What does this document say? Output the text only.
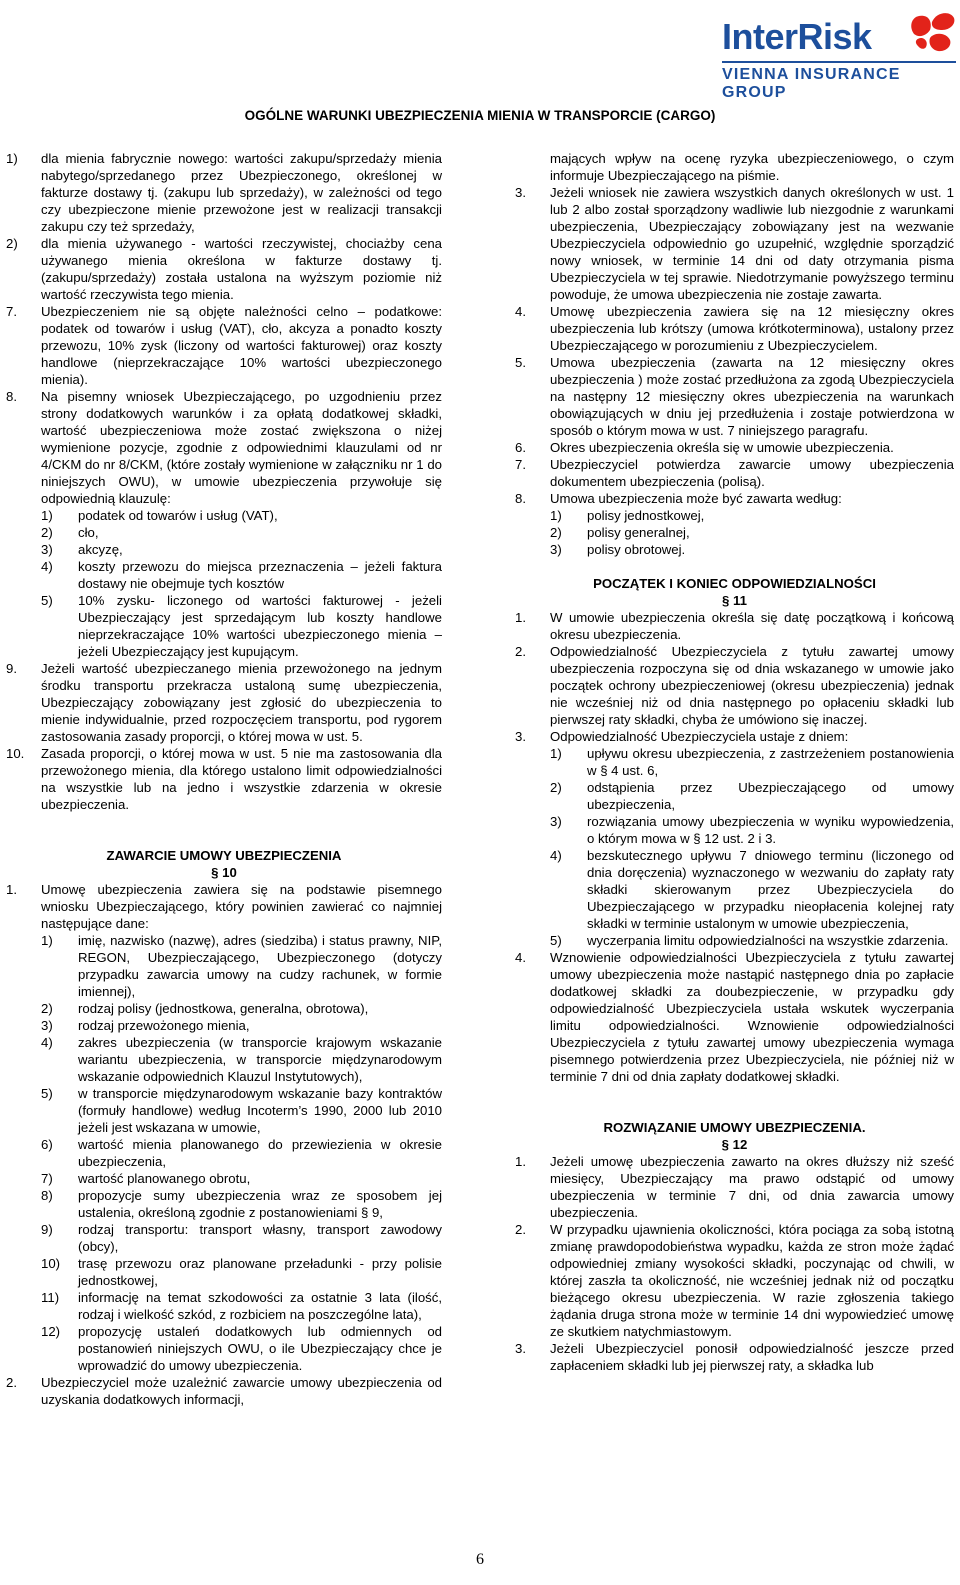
InterRisk
VIENNA INSURANCE GROUP
OGÓLNE WARUNKI UBEZPIECZENIA MIENIA W TRANSPORCIE (CARGO)
1) dla mienia fabrycznie nowego: wartości zakupu/sprzedaży mienia nabytego/sprzedanego przez Ubezpieczonego, określonej w fakturze dostawy tj. (zakupu lub sprzedaży), w zależności od tego czy ubezpieczone mienie przewożone jest w realizacji transakcji zakupu czy też sprzedaży,
2) dla mienia używanego - wartości rzeczywistej, chociażby cena używanego mienia określona w fakturze dostawy tj. (zakupu/sprzedaży) została ustalona na wyższym poziomie niż wartość rzeczywista tego mienia.
7. Ubezpieczeniem nie są objęte należności celno – podatkowe: podatek od towarów i usług (VAT), cło, akcyza a ponadto koszty przewozu, 10% zysk (liczony od wartości fakturowej) oraz koszty handlowe (nieprzekraczające 10% wartości ubezpieczonego mienia).
8. Na pisemny wniosek Ubezpieczającego, po uzgodnieniu przez strony dodatkowych warunków i za opłatą dodatkowej składki, wartość ubezpieczeniowa może zostać zwiększona o niżej wymienione pozycje, zgodnie z odpowiednimi klauzulami od nr 4/CKM do nr 8/CKM, (które zostały wymienione w załączniku nr 1 do niniejszych OWU), w umowie ubezpieczenia przywołuje się odpowiednią klauzulę:
1) podatek od towarów i usług (VAT),
2) cło,
3) akcyzę,
4) koszty przewozu do miejsca przeznaczenia – jeżeli faktura dostawy nie obejmuje tych kosztów
5) 10% zysku- liczonego od wartości fakturowej - jeżeli Ubezpieczający jest sprzedającym lub koszty handlowe nieprzekraczające 10% wartości ubezpieczonego mienia – jeżeli Ubezpieczający jest kupującym.
9. Jeżeli wartość ubezpieczanego mienia przewożonego na jednym środku transportu przekracza ustaloną sumę ubezpieczenia, Ubezpieczający zobowiązany jest zgłosić do ubezpieczenia to mienie indywidualnie, przed rozpoczęciem transportu, pod rygorem zastosowania zasady proporcji, o której mowa w ust. 5.
10. Zasada proporcji, o której mowa w ust. 5 nie ma zastosowania dla przewożonego mienia, dla którego ustalono limit odpowiedzialności na wszystkie lub na jedno i wszystkie zdarzenia w okresie ubezpieczenia.

ZAWARCIE UMOWY UBEZPIECZENIA

§ 10

1. Umowę ubezpieczenia zawiera się na podstawie pisemnego wniosku Ubezpieczającego, który powinien zawierać co najmniej następujące dane:
1) imię, nazwisko (nazwę), adres (siedziba) i status prawny, NIP, REGON, Ubezpieczającego, Ubezpieczonego (dotyczy przypadku zawarcia umowy na cudzy rachunek, w formie imiennej),
2) rodzaj polisy (jednostkowa, generalna, obrotowa),
3) rodzaj przewożonego mienia,
4) zakres ubezpieczenia (w transporcie krajowym wskazanie wariantu ubezpieczenia, w transporcie międzynarodowym wskazanie odpowiednich Klauzul Instytutowych),
5) w transporcie międzynarodowym wskazanie bazy kontraktów (formuły handlowe) według Incoterm’s 1990, 2000 lub 2010 jeżeli jest wskazana w umowie,
6) wartość mienia planowanego do przewiezienia w okresie ubezpieczenia,
7) wartość planowanego obrotu,
8) propozycje sumy ubezpieczenia wraz ze sposobem jej ustalenia, określoną zgodnie z postanowieniami § 9,
9) rodzaj transportu: transport własny, transport zawodowy (obcy),
10) trasę przewozu oraz planowane przeładunki - przy polisie jednostkowej,
11) informację na temat szkodowości za ostatnie 3 lata (ilość, rodzaj i wielkość szkód, z rozbiciem na poszczególne lata),
12) propozycję ustaleń dodatkowych lub odmiennych od postanowień niniejszych OWU, o ile Ubezpieczający chce je wprowadzić do umowy ubezpieczenia.
2. Ubezpieczyciel może uzależnić zawarcie umowy ubezpieczenia od uzyskania dodatkowych informacji,
mających wpływ na ocenę ryzyka ubezpieczeniowego, o czym informuje Ubezpieczającego na piśmie.
3. Jeżeli wniosek nie zawiera wszystkich danych określonych w ust. 1 lub 2 albo został sporządzony wadliwie lub niezgodnie z warunkami ubezpieczenia, Ubezpieczający zobowiązany jest na wezwanie Ubezpieczyciela odpowiednio go uzupełnić, względnie sporządzić nowy wniosek, w terminie 14 dni od daty otrzymania pisma Ubezpieczyciela w tej sprawie. Niedotrzymanie powyższego terminu powoduje, że umowa ubezpieczenia nie zostaje zawarta.
4. Umowę ubezpieczenia zawiera się na 12 miesięczny okres ubezpieczenia lub krótszy (umowa krótkoterminowa), ustalony przez Ubezpieczającego w porozumieniu z Ubezpieczycielem.
5. Umowa ubezpieczenia (zawarta na 12 miesięczny okres ubezpieczenia ) może zostać przedłużona za zgodą Ubezpieczyciela na następny 12 miesięczny okres ubezpieczenia na warunkach obowiązujących w dniu jej przedłużenia i zostaje potwierdzona w sposób o którym mowa w ust. 7 niniejszego paragrafu.
6. Okres ubezpieczenia określa się w umowie ubezpieczenia.
7. Ubezpieczyciel potwierdza zawarcie umowy ubezpieczenia dokumentem ubezpieczenia (polisą).
8. Umowa ubezpieczenia może być zawarta według:
1) polisy jednostkowej,
2) polisy generalnej,
3) polisy obrotowej.

POCZĄTEK I KONIEC ODPOWIEDZIALNOŚCI

§ 11

1. W umowie ubezpieczenia określa się datę początkową i końcową okresu ubezpieczenia.
2. Odpowiedzialność Ubezpieczyciela z tytułu zawartej umowy ubezpieczenia rozpoczyna się od dnia wskazanego w umowie jako początek ochrony ubezpieczeniowej (okresu ubezpieczenia) jednak nie wcześniej niż od dnia następnego po opłaceniu składki lub pierwszej raty składki, chyba że umówiono się inaczej.
3. Odpowiedzialność Ubezpieczyciela ustaje z dniem:
1) upływu okresu ubezpieczenia, z zastrzeżeniem postanowienia w § 4 ust. 6,
2) odstąpienia przez Ubezpieczającego od umowy ubezpieczenia,
3) rozwiązania umowy ubezpieczenia w wyniku wypowiedzenia, o którym mowa w § 12 ust. 2 i 3.
4) bezskutecznego upływu 7 dniowego terminu (liczonego od dnia doręczenia) wyznaczonego w wezwaniu do zapłaty raty składki skierowanym przez Ubezpieczyciela do Ubezpieczającego w przypadku nieopłacenia kolejnej raty składki w terminie ustalonym w umowie ubezpieczenia,
5) wyczerpania limitu odpowiedzialności na wszystkie zdarzenia.
4. Wznowienie odpowiedzialności Ubezpieczyciela z tytułu zawartej umowy ubezpieczenia może nastąpić następnego dnia po zapłacie dodatkowej składki za doubezpieczenie, w przypadku gdy odpowiedzialność Ubezpieczyciela ustała wskutek wyczerpania limitu odpowiedzialności. Wznowienie odpowiedzialności Ubezpieczyciela z tytułu zawartej umowy ubezpieczenia wymaga pisemnego potwierdzenia przez Ubezpieczyciela, nie później niż w terminie 7 dni od dnia zapłaty dodatkowej składki.

ROZWIĄZANIE UMOWY UBEZPIECZENIA.

§ 12

1. Jeżeli umowę ubezpieczenia zawarto na okres dłuższy niż sześć miesięcy, Ubezpieczający ma prawo odstąpić od umowy ubezpieczenia w terminie 7 dni, od dnia zawarcia umowy ubezpieczenia.
2. W przypadku ujawnienia okoliczności, która pociąga za sobą istotną zmianę prawdopodobieństwa wypadku, każda ze stron może żądać odpowiedniej zmiany wysokości składki, poczynając od chwili, w której zaszła ta okoliczność, nie wcześniej jednak niż od początku bieżącego okresu ubezpieczenia. W razie zgłoszenia takiego żądania druga strona może w terminie 14 dni wypowiedzieć umowę ze skutkiem natychmiastowym.
3. Jeżeli Ubezpieczyciel ponosił odpowiedzialność jeszcze przed zapłaceniem składki lub jej pierwszej raty, a składka lub
6
